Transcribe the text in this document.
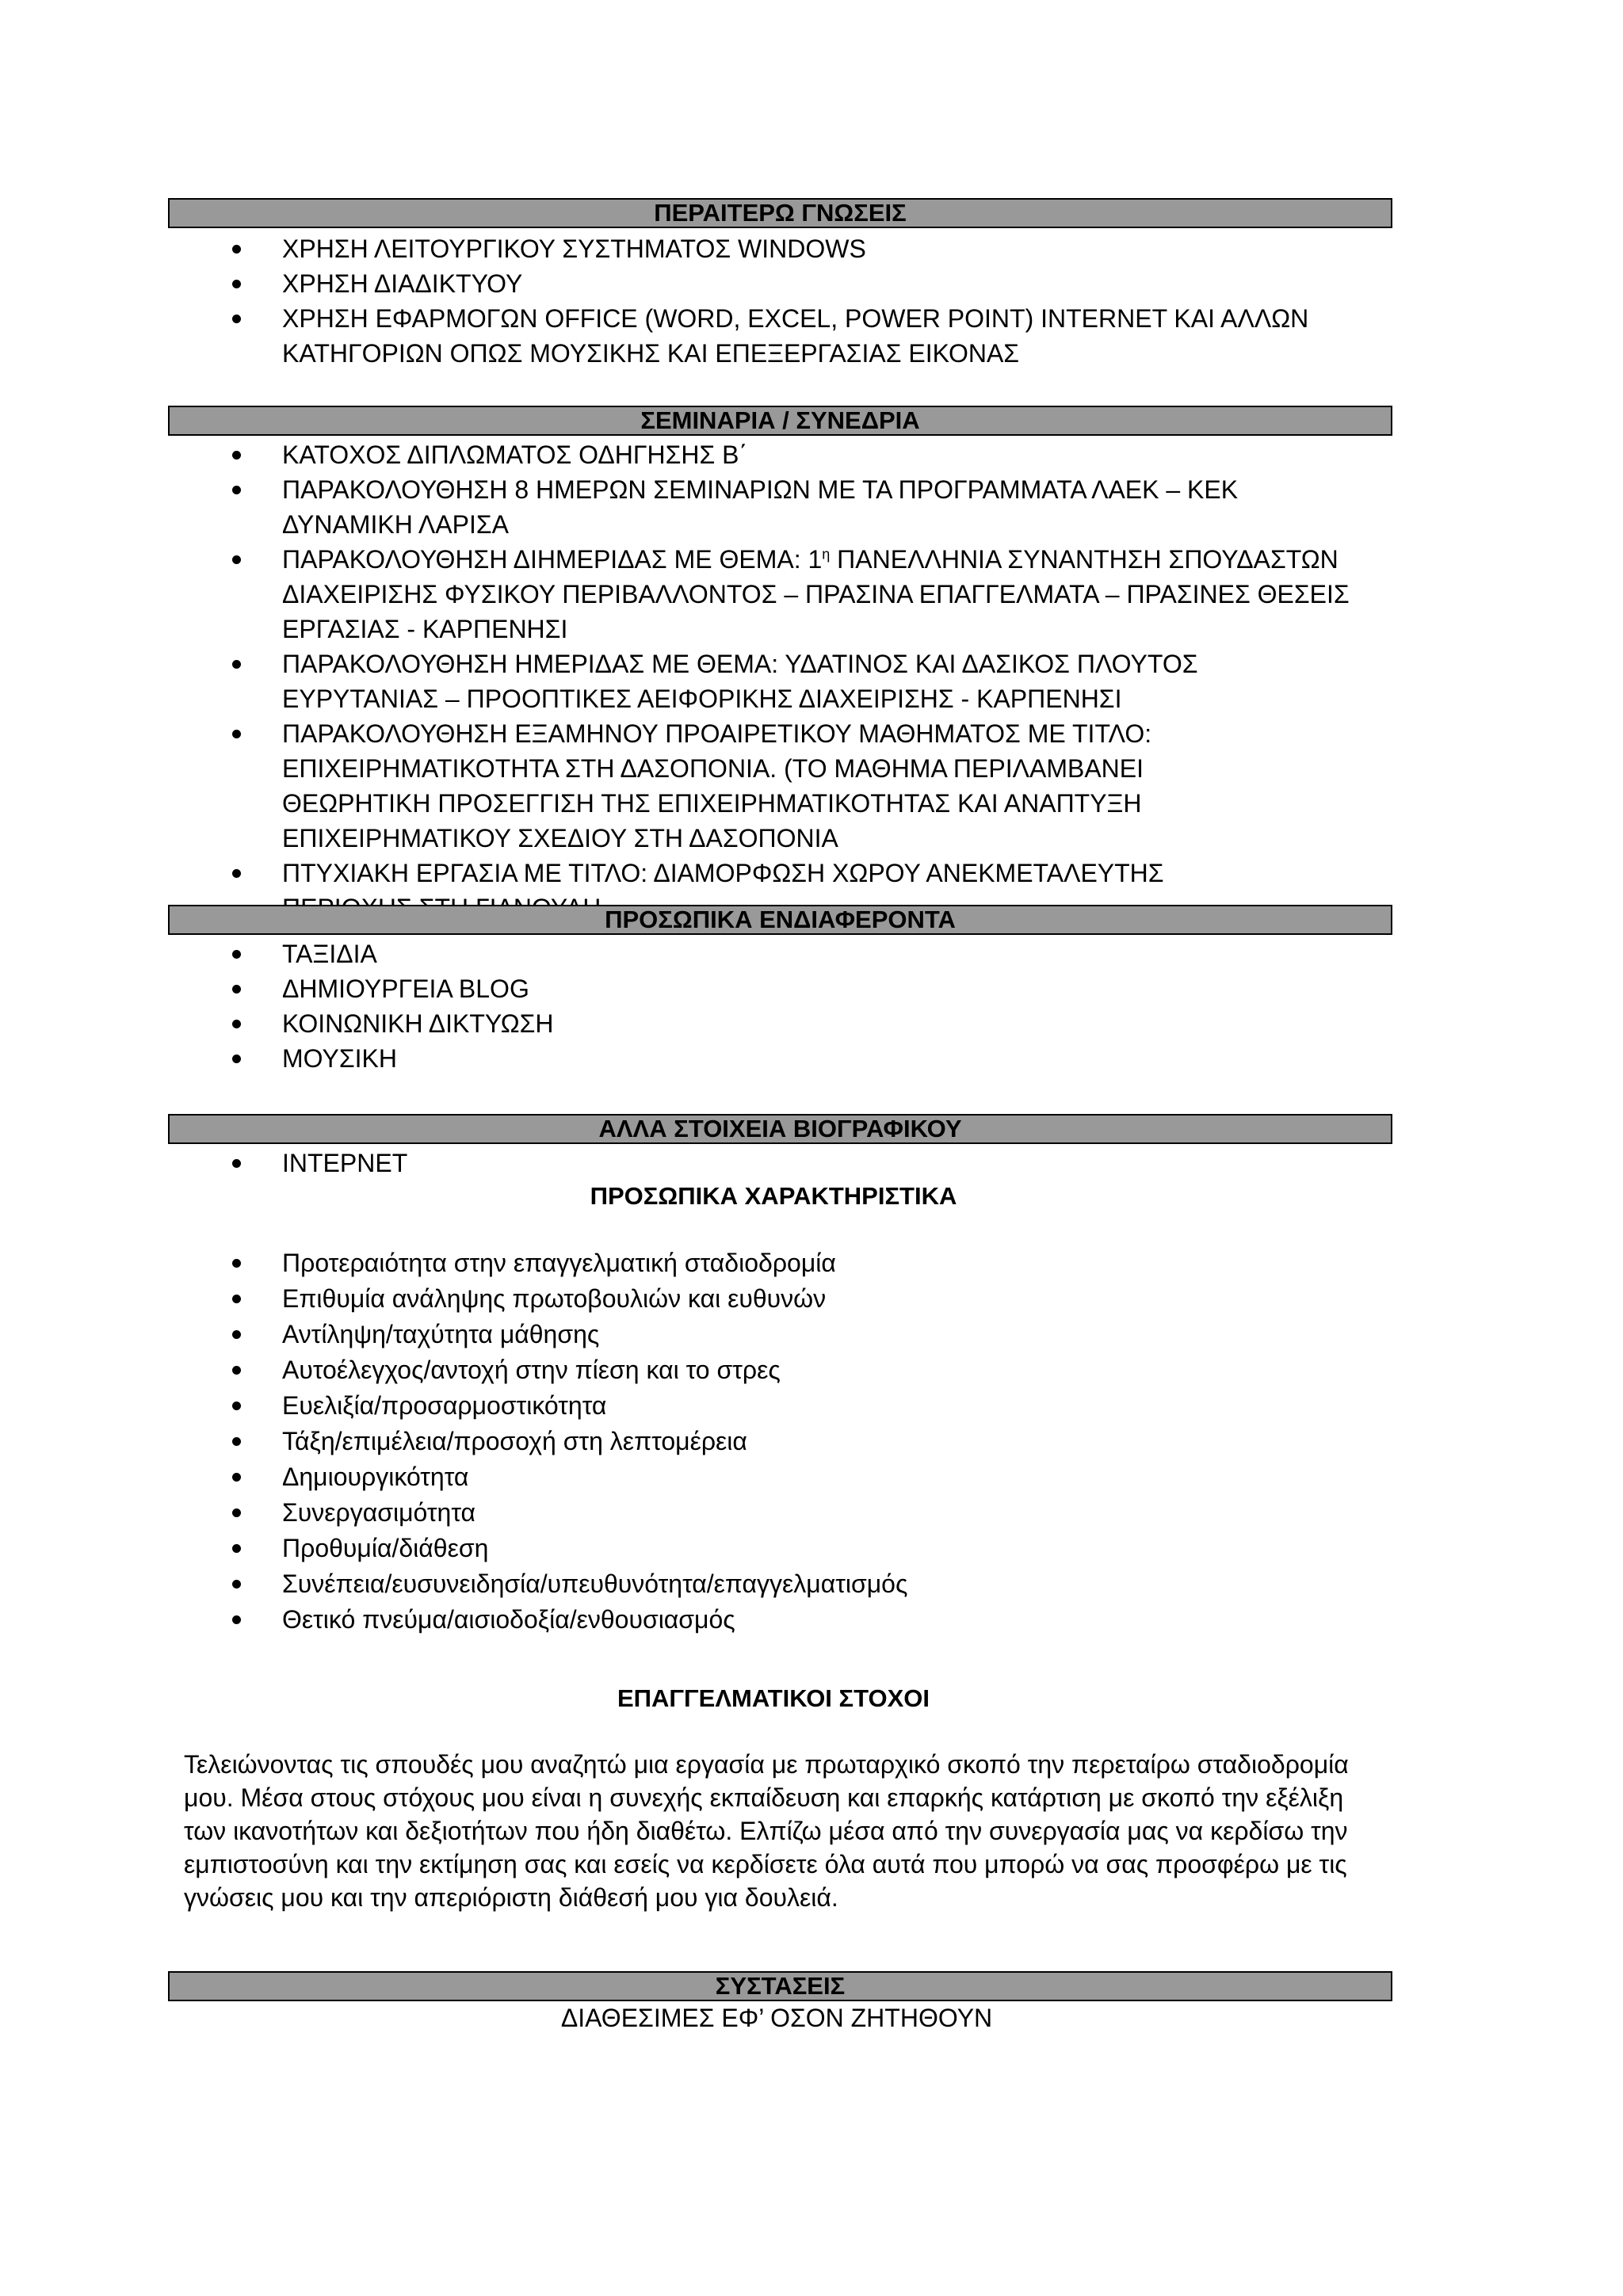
ΠΕΡΑΙΤΕΡΩ ΓΝΩΣΕΙΣ
ΧΡΗΣΗ ΛΕΙΤΟΥΡΓΙΚΟΥ ΣΥΣΤΗΜΑΤΟΣ WINDOWS
ΧΡΗΣΗ ΔΙΑΔΙΚΤΥΟΥ
ΧΡΗΣΗ ΕΦΑΡΜΟΓΩΝ OFFICE (WORD, EXCEL, POWER POINT) INTERNET ΚΑΙ ΑΛΛΩΝ ΚΑΤΗΓΟΡΙΩΝ ΟΠΩΣ ΜΟΥΣΙΚΗΣ ΚΑΙ ΕΠΕΞΕΡΓΑΣΙΑΣ ΕΙΚΟΝΑΣ
ΣΕΜΙΝΑΡΙΑ / ΣΥΝΕΔΡΙΑ
ΚΑΤΟΧΟΣ ΔΙΠΛΩΜΑΤΟΣ ΟΔΗΓΗΣΗΣ Β΄
ΠΑΡΑΚΟΛΟΥΘΗΣΗ 8 ΗΜΕΡΩΝ ΣΕΜΙΝΑΡΙΩΝ ΜΕ ΤΑ ΠΡΟΓΡΑΜΜΑΤΑ ΛΑΕΚ – ΚΕΚ ΔΥΝΑΜΙΚΗ ΛΑΡΙΣΑ
ΠΑΡΑΚΟΛΟΥΘΗΣΗ ΔΙΗΜΕΡΙΔΑΣ ΜΕ ΘΕΜΑ: $1^\eta$ ΠΑΝΕΛΛΗΝΙΑ ΣΥΝΑΝΤΗΣΗ ΣΠΟΥΔΑΣΤΩΝ ΔΙΑΧΕΙΡΙΣΗΣ ΦΥΣΙΚΟΥ ΠΕΡΙΒΑΛΛΟΝΤΟΣ – ΠΡΑΣΙΝΑ ΕΠΑΓΓΕΛΜΑΤΑ – ΠΡΑΣΙΝΕΣ ΘΕΣΕΙΣ ΕΡΓΑΣΙΑΣ - ΚΑΡΠΕΝΗΣΙ
ΠΑΡΑΚΟΛΟΥΘΗΣΗ ΗΜΕΡΙΔΑΣ ΜΕ ΘΕΜΑ: ΥΔΑΤΙΝΟΣ ΚΑΙ ΔΑΣΙΚΟΣ ΠΛΟΥΤΟΣ ΕΥΡΥΤΑΝΙΑΣ – ΠΡΟΟΠΤΙΚΕΣ ΑΕΙΦΟΡΙΚΗΣ ΔΙΑΧΕΙΡΙΣΗΣ - ΚΑΡΠΕΝΗΣΙ
ΠΑΡΑΚΟΛΟΥΘΗΣΗ ΕΞΑΜΗΝΟΥ ΠΡΟΑΙΡΕΤΙΚΟΥ ΜΑΘΗΜΑΤΟΣ ΜΕ ΤΙΤΛΟ: ΕΠΙΧΕΙΡΗΜΑΤΙΚΟΤΗΤΑ ΣΤΗ ΔΑΣΟΠΟΝΙΑ. (ΤΟ ΜΑΘΗΜΑ ΠΕΡΙΛΑΜΒΑΝΕΙ ΘΕΩΡΗΤΙΚΗ ΠΡΟΣΕΓΓΙΣΗ ΤΗΣ ΕΠΙΧΕΙΡΗΜΑΤΙΚΟΤΗΤΑΣ ΚΑΙ ΑΝΑΠΤΥΞΗ ΕΠΙΧΕΙΡΗΜΑΤΙΚΟΥ ΣΧΕΔΙΟΥ ΣΤΗ ΔΑΣΟΠΟΝΙΑ
ΠΤΥΧΙΑΚΗ ΕΡΓΑΣΙΑ ΜΕ ΤΙΤΛΟ: ΔΙΑΜΟΡΦΩΣΗ ΧΩΡΟΥ ΑΝΕΚΜΕΤΑΛΕΥΤΗΣ
ΠΡΟΣΩΠΙΚΑ ΕΝΔΙΑΦΕΡΟΝΤΑ
ΤΑΞΙΔΙΑ
ΔΗΜΙΟΥΡΓΕΙΑ BLOG
ΚΟΙΝΩΝΙΚΗ ΔΙΚΤΥΩΣΗ
ΜΟΥΣΙΚΗ
ΑΛΛΑ ΣΤΟΙΧΕΙΑ ΒΙΟΓΡΑΦΙΚΟΥ
ΙΝΤΕΡΝΕΤ
ΠΡΟΣΩΠΙΚΑ ΧΑΡΑΚΤΗΡΙΣΤΙΚΑ
Προτεραιότητα στην επαγγελματική σταδιοδρομία
Επιθυμία ανάληψης πρωτοβουλιών και ευθυνών
Αντίληψη/ταχύτητα μάθησης
Αυτοέλεγχος/αντοχή στην πίεση και το στρες
Ευελιξία/προσαρμοστικότητα
Τάξη/επιμέλεια/προσοχή στη λεπτομέρεια
Δημιουργικότητα
Συνεργασιμότητα
Προθυμία/διάθεση
Συνέπεια/ευσυνειδησία/υπευθυνότητα/επαγγελματισμός
Θετικό πνεύμα/αισιοδοξία/ενθουσιασμός
ΕΠΑΓΓΕΛΜΑΤΙΚΟΙ ΣΤΟΧΟΙ

Τελειώνοντας τις σπουδές μου αναζητώ μια εργασία με πρωταρχικό σκοπό την περεταίρω σταδιοδρομία μου. Μέσα στους στόχους μου είναι η συνεχής εκπαίδευση και επαρκής κατάρτιση με σκοπό την εξέλιξη των ικανοτήτων και δεξιοτήτων που ήδη διαθέτω. Ελπίζω μέσα από την συνεργασία μας να κερδίσω την εμπιστοσύνη και την εκτίμηση σας και εσείς να κερδίσετε όλα αυτά που μπορώ να σας προσφέρω με τις γνώσεις μου και την απεριόριστη διάθεσή μου για δουλειά.

ΣΥΣΤΑΣΕΙΣ
ΔΙΑΘΕΣΙΜΕΣ ΕΦ’ ΟΣΟΝ ΖΗΤΗΘΟΥΝ
